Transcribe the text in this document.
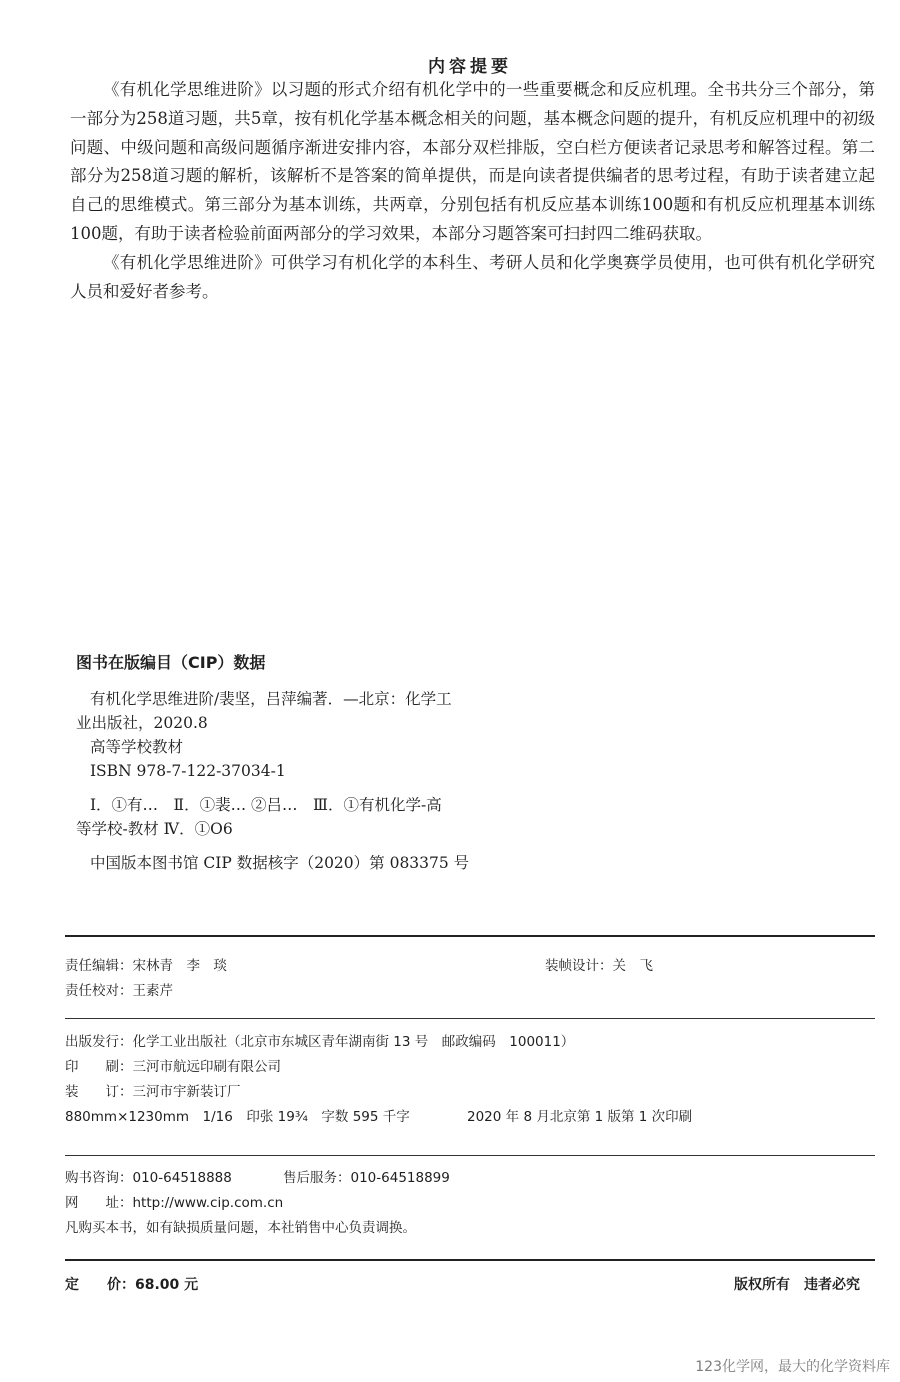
内容提要

《有机化学思维进阶》以习题的形式介绍有机化学中的一些重要概念和反应机理。全书共分三个部分，第一部分为258道习题，共5章，按有机化学基本概念相关的问题，基本概念问题的提升，有机反应机理中的初级问题、中级问题和高级问题循序渐进安排内容，本部分双栏排版，空白栏方便读者记录思考和解答过程。第二部分为258道习题的解析，该解析不是答案的简单提供，而是向读者提供编者的思考过程，有助于读者建立起自己的思维模式。第三部分为基本训练，共两章，分别包括有机反应基本训练100题和有机反应机理基本训练100题，有助于读者检验前面两部分的学习效果，本部分习题答案可扫封四二维码获取。

《有机化学思维进阶》可供学习有机化学的本科生、考研人员和化学奥赛学员使用，也可供有机化学研究人员和爱好者参考。

图书在版编目（CIP）数据
有机化学思维进阶/裴坚，吕萍编著．—北京：化学工
业出版社，2020.8
高等学校教材
ISBN 978-7-122-37034-1
Ⅰ．①有…　Ⅱ．①裴… ②吕…　Ⅲ．①有机化学-高
等学校-教材 Ⅳ．①O6
中国版本图书馆 CIP 数据核字（2020）第 083375 号
责任编辑：宋林青　李　琰	装帧设计：关　飞
责任校对：王素芹
出版发行：化学工业出版社（北京市东城区青年湖南街 13 号　邮政编码　100011）
印　　刷：三河市航远印刷有限公司
装　　订：三河市宇新装订厂
880mm×1230mm　1/16　印张 19¾　字数 595 千字	2020 年 8 月北京第 1 版第 1 次印刷
购书咨询：010-64518888	售后服务：010-64518899
网　　址：http://www.cip.com.cn
凡购买本书，如有缺损质量问题，本社销售中心负责调换。
定　　价：68.00 元	版权所有　违者必究
123化学网，最大的化学资料库
